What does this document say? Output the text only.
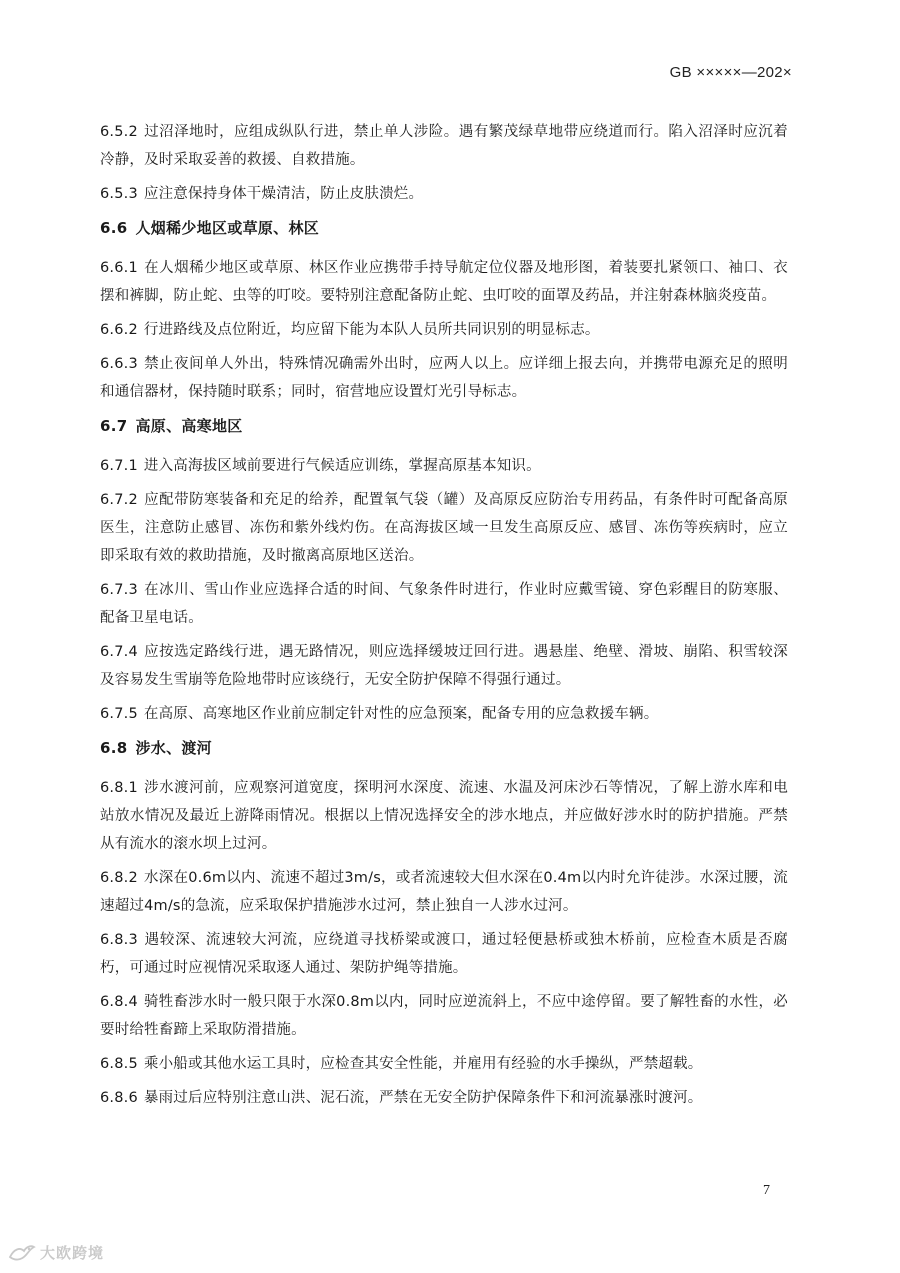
GB ×××××—202×

6.5.2 过沼泽地时，应组成纵队行进，禁止单人涉险。遇有繁茂绿草地带应绕道而行。陷入沼泽时应沉着冷静，及时采取妥善的救援、自救措施。

6.5.3 应注意保持身体干燥清洁，防止皮肤溃烂。

6.6 人烟稀少地区或草原、林区

6.6.1 在人烟稀少地区或草原、林区作业应携带手持导航定位仪器及地形图，着装要扎紧领口、袖口、衣摆和裤脚，防止蛇、虫等的叮咬。要特别注意配备防止蛇、虫叮咬的面罩及药品，并注射森林脑炎疫苗。

6.6.2 行进路线及点位附近，均应留下能为本队人员所共同识别的明显标志。

6.6.3 禁止夜间单人外出，特殊情况确需外出时，应两人以上。应详细上报去向，并携带电源充足的照明和通信器材，保持随时联系；同时，宿营地应设置灯光引导标志。

6.7 高原、高寒地区

6.7.1 进入高海拔区域前要进行气候适应训练，掌握高原基本知识。

6.7.2 应配带防寒装备和充足的给养，配置氧气袋（罐）及高原反应防治专用药品，有条件时可配备高原医生，注意防止感冒、冻伤和紫外线灼伤。在高海拔区域一旦发生高原反应、感冒、冻伤等疾病时，应立即采取有效的救助措施，及时撤离高原地区送治。

6.7.3 在冰川、雪山作业应选择合适的时间、气象条件时进行，作业时应戴雪镜、穿色彩醒目的防寒服、配备卫星电话。

6.7.4 应按选定路线行进，遇无路情况，则应选择缓坡迂回行进。遇悬崖、绝壁、滑坡、崩陷、积雪较深及容易发生雪崩等危险地带时应该绕行，无安全防护保障不得强行通过。

6.7.5 在高原、高寒地区作业前应制定针对性的应急预案，配备专用的应急救援车辆。

6.8 涉水、渡河

6.8.1 涉水渡河前，应观察河道宽度，探明河水深度、流速、水温及河床沙石等情况，了解上游水库和电站放水情况及最近上游降雨情况。根据以上情况选择安全的涉水地点，并应做好涉水时的防护措施。严禁从有流水的滚水坝上过河。

6.8.2 水深在0.6m以内、流速不超过3m/s，或者流速较大但水深在0.4m以内时允许徒涉。水深过腰，流速超过4m/s的急流，应采取保护措施涉水过河，禁止独自一人涉水过河。

6.8.3 遇较深、流速较大河流，应绕道寻找桥梁或渡口，通过轻便悬桥或独木桥前，应检查木质是否腐朽，可通过时应视情况采取逐人通过、架防护绳等措施。

6.8.4 骑牲畜涉水时一般只限于水深0.8m以内，同时应逆流斜上，不应中途停留。要了解牲畜的水性，必要时给牲畜蹄上采取防滑措施。

6.8.5 乘小船或其他水运工具时，应检查其安全性能，并雇用有经验的水手操纵，严禁超载。

6.8.6 暴雨过后应特别注意山洪、泥石流，严禁在无安全防护保障条件下和河流暴涨时渡河。

7
大欧跨境
